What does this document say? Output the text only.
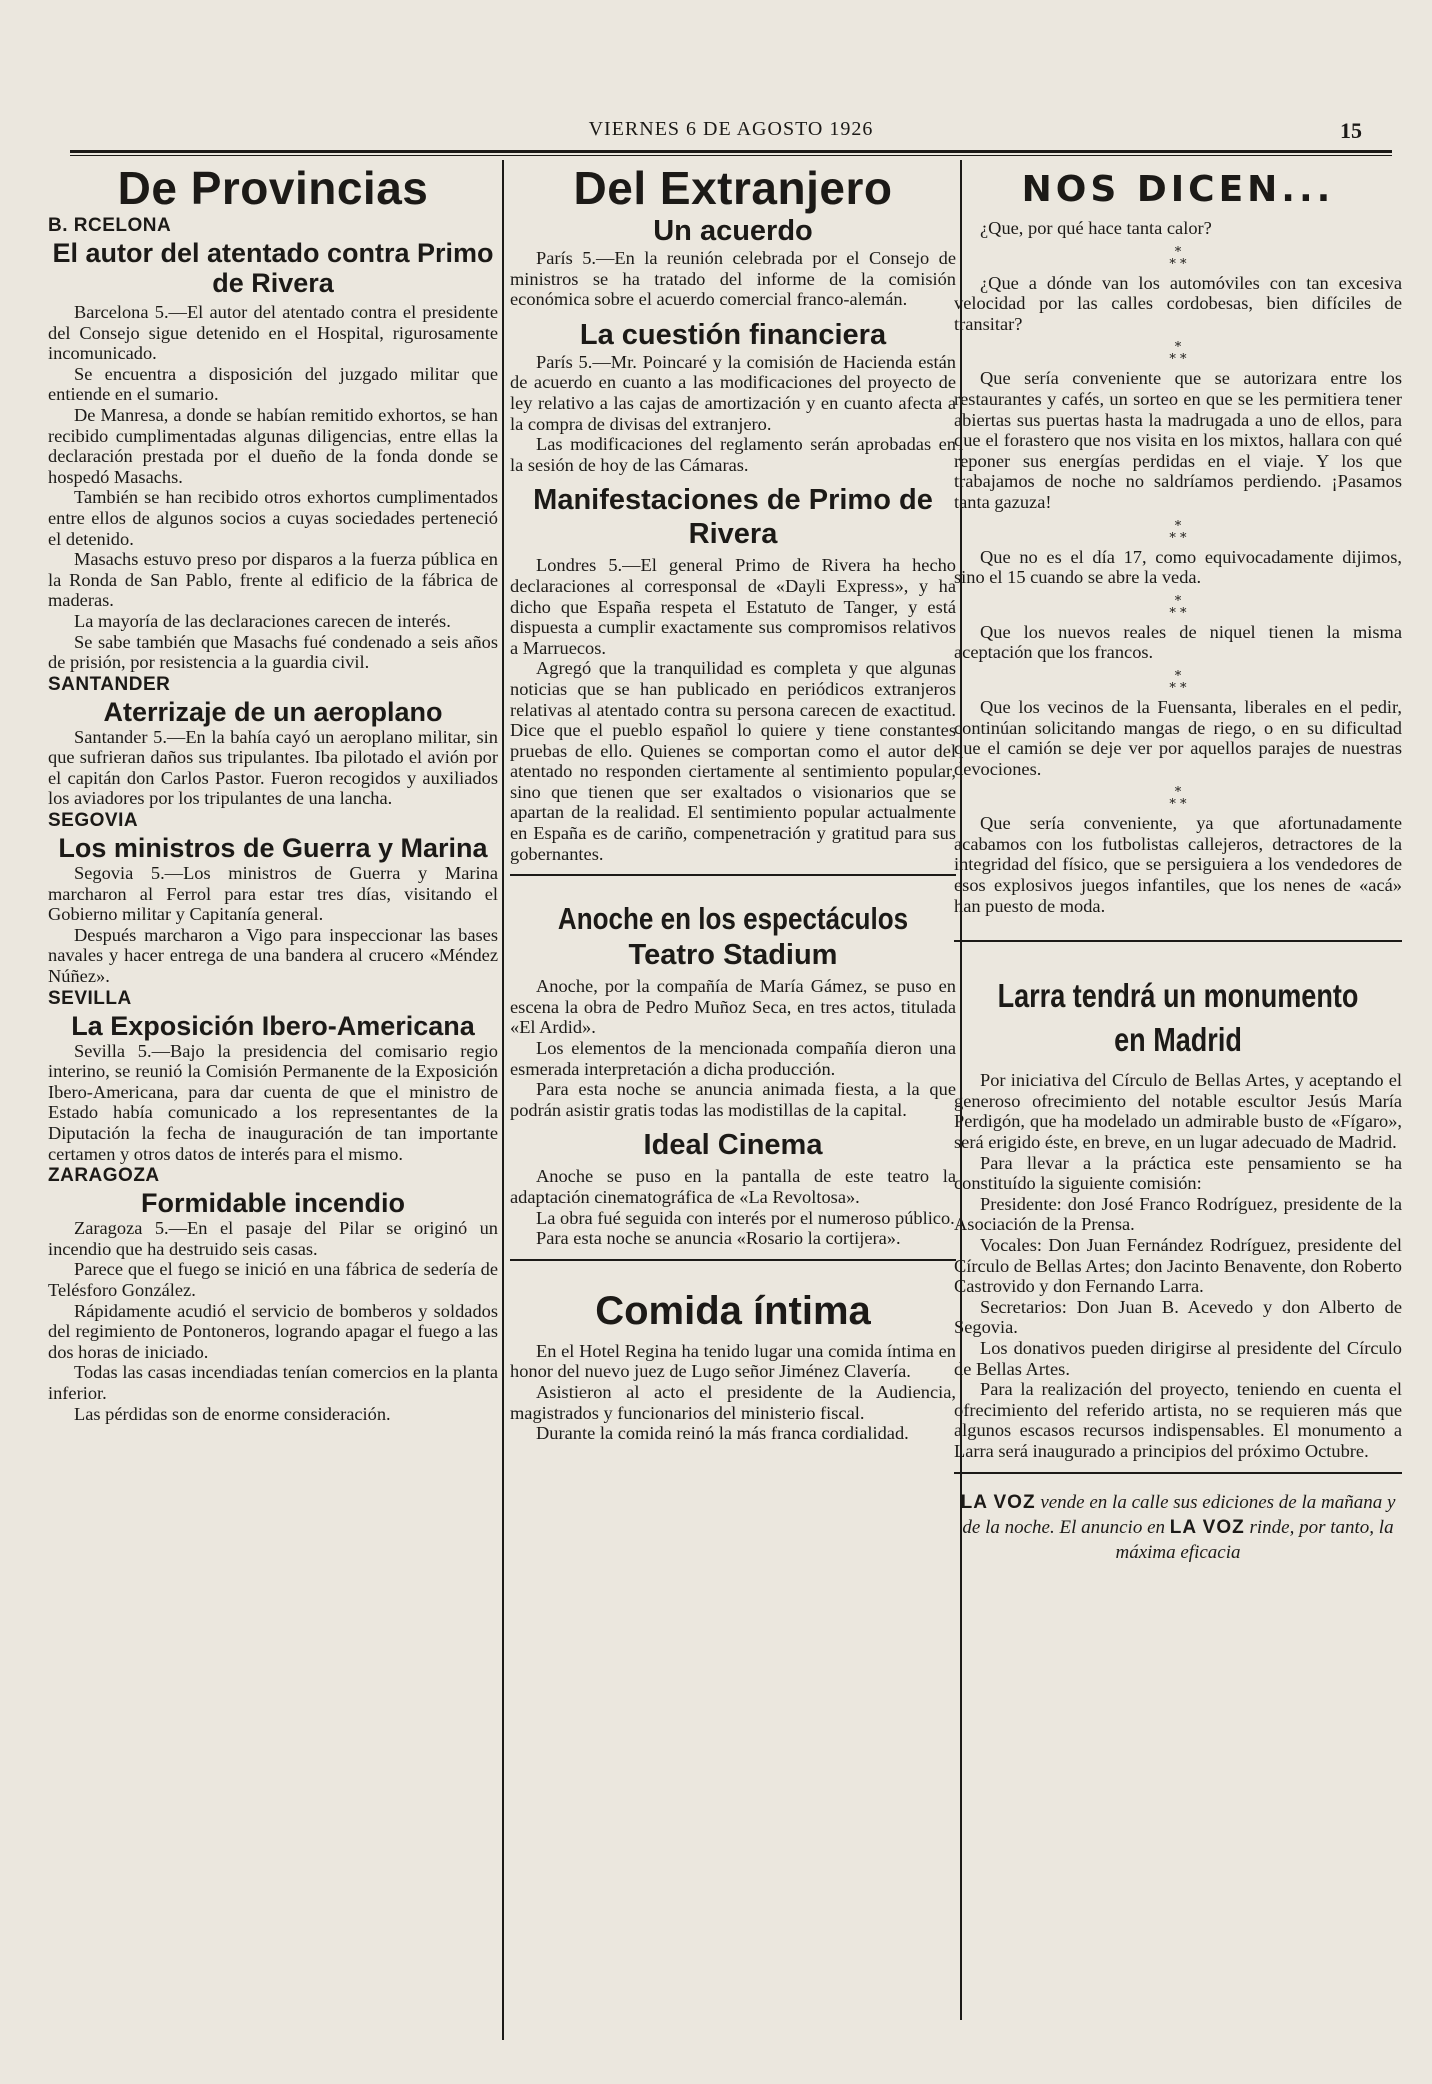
VIERNES 6 DE AGOSTO 1926	15
De Provincias
B. RCELONA
El autor del atentado contra Primo de Rivera

Barcelona 5.—El autor del atentado contra el presidente del Consejo sigue detenido en el Hospital, rigurosamente incomunicado.

Se encuentra a disposición del juzgado militar que entiende en el sumario.

De Manresa, a donde se habían remitido exhortos, se han recibido cumplimentadas algunas diligencias, entre ellas la declaración prestada por el dueño de la fonda donde se hospedó Masachs.

También se han recibido otros exhortos cumplimentados entre ellos de algunos socios a cuyas sociedades perteneció el detenido.

Masachs estuvo preso por disparos a la fuerza pública en la Ronda de San Pablo, frente al edificio de la fábrica de maderas.

La mayoría de las declaraciones carecen de interés.

Se sabe también que Masachs fué condenado a seis años de prisión, por resistencia a la guardia civil.

SANTANDER
Aterrizaje de un aeroplano

Santander 5.—En la bahía cayó un aeroplano militar, sin que sufrieran daños sus tripulantes. Iba pilotado el avión por el capitán don Carlos Pastor. Fueron recogidos y auxiliados los aviadores por los tripulantes de una lancha.

SEGOVIA
Los ministros de Guerra y Marina

Segovia 5.—Los ministros de Guerra y Marina marcharon al Ferrol para estar tres días, visitando el Gobierno militar y Capitanía general.

Después marcharon a Vigo para inspeccionar las bases navales y hacer entrega de una bandera al crucero «Méndez Núñez».

SEVILLA
La Exposición Ibero-Americana

Sevilla 5.—Bajo la presidencia del comisario regio interino, se reunió la Comisión Permanente de la Exposición Ibero-Americana, para dar cuenta de que el ministro de Estado había comunicado a los representantes de la Diputación la fecha de inauguración de tan importante certamen y otros datos de interés para el mismo.

ZARAGOZA
Formidable incendio

Zaragoza 5.—En el pasaje del Pilar se originó un incendio que ha destruido seis casas.

Parece que el fuego se inició en una fábrica de sedería de Telésforo González.

Rápidamente acudió el servicio de bomberos y soldados del regimiento de Pontoneros, logrando apagar el fuego a las dos horas de iniciado.

Todas las casas incendiadas tenían comercios en la planta inferior.

Las pérdidas son de enorme consideración.

Del Extranjero
Un acuerdo

París 5.—En la reunión celebrada por el Consejo de ministros se ha tratado del informe de la comisión económica sobre el acuerdo comercial franco-alemán.

La cuestión financiera

París 5.—Mr. Poincaré y la comisión de Hacienda están de acuerdo en cuanto a las modificaciones del proyecto de ley relativo a las cajas de amortización y en cuanto afecta a la compra de divisas del extranjero.

Las modificaciones del reglamento serán aprobadas en la sesión de hoy de las Cámaras.

Manifestaciones de Primo de Rivera

Londres 5.—El general Primo de Rivera ha hecho declaraciones al corresponsal de «Dayli Express», y ha dicho que España respeta el Estatuto de Tanger, y está dispuesta a cumplir exactamente sus compromisos relativos a Marruecos.

Agregó que la tranquilidad es completa y que algunas noticias que se han publicado en periódicos extranjeros relativas al atentado contra su persona carecen de exactitud. Dice que el pueblo español lo quiere y tiene constantes pruebas de ello. Quienes se comportan como el autor del atentado no responden ciertamente al sentimiento popular, sino que tienen que ser exaltados o visionarios que se apartan de la realidad. El sentimiento popular actualmente en España es de cariño, compenetración y gratitud para sus gobernantes.

Anoche en los espectáculos
Teatro Stadium

Anoche, por la compañía de María Gámez, se puso en escena la obra de Pedro Muñoz Seca, en tres actos, titulada «El Ardid».

Los elementos de la mencionada compañía dieron una esmerada interpretación a dicha producción.

Para esta noche se anuncia animada fiesta, a la que podrán asistir gratis todas las modistillas de la capital.

Ideal Cinema

Anoche se puso en la pantalla de este teatro la adaptación cinematográfica de «La Revoltosa».

La obra fué seguida con interés por el numeroso público.

Para esta noche se anuncia «Rosario la cortijera».

Comida íntima

En el Hotel Regina ha tenido lugar una comida íntima en honor del nuevo juez de Lugo señor Jiménez Clavería.

Asistieron al acto el presidente de la Audiencia, magistrados y funcionarios del ministerio fiscal.

Durante la comida reinó la más franca cordialidad.

NOS DICEN...

¿Que, por qué hace tanta calor?

*
* *

¿Que a dónde van los automóviles con tan excesiva velocidad por las calles cordobesas, bien difíciles de transitar?

*
* *

Que sería conveniente que se autorizara entre los restaurantes y cafés, un sorteo en que se les permitiera tener abiertas sus puertas hasta la madrugada a uno de ellos, para que el forastero que nos visita en los mixtos, hallara con qué reponer sus energías perdidas en el viaje. Y los que trabajamos de noche no saldríamos perdiendo. ¡Pasamos tanta gazuza!

*
* *

Que no es el día 17, como equivocadamente dijimos, sino el 15 cuando se abre la veda.

*
* *

Que los nuevos reales de niquel tienen la misma aceptación que los francos.

*
* *

Que los vecinos de la Fuensanta, liberales en el pedir, continúan solicitando mangas de riego, o en su dificultad que el camión se deje ver por aquellos parajes de nuestras devociones.

*
* *

Que sería conveniente, ya que afortunadamente acabamos con los futbolistas callejeros, detractores de la integridad del físico, que se persiguiera a los vendedores de esos explosivos juegos infantiles, que los nenes de «acá» han puesto de moda.

Larra tendrá un monumento en Madrid

Por iniciativa del Círculo de Bellas Artes, y aceptando el generoso ofrecimiento del notable escultor Jesús María Perdigón, que ha modelado un admirable busto de «Fígaro», será erigido éste, en breve, en un lugar adecuado de Madrid.

Para llevar a la práctica este pensamiento se ha constituído la siguiente comisión:

Presidente: don José Franco Rodríguez, presidente de la Asociación de la Prensa.

Vocales: Don Juan Fernández Rodríguez, presidente del Círculo de Bellas Artes; don Jacinto Benavente, don Roberto Castrovido y don Fernando Larra.

Secretarios: Don Juan B. Acevedo y don Alberto de Segovia.

Los donativos pueden dirigirse al presidente del Círculo de Bellas Artes.

Para la realización del proyecto, teniendo en cuenta el ofrecimiento del referido artista, no se requieren más que algunos escasos recursos indispensables. El monumento a Larra será inaugurado a principios del próximo Octubre.

LA VOZ vende en la calle sus ediciones de la mañana y de la noche. El anuncio en LA VOZ rinde, por tanto, la máxima eficacia
